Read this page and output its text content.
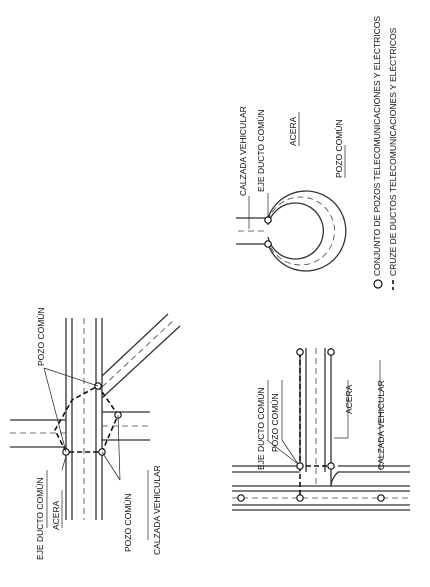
CALZADA VEHICULAR EJE DUCTO COMÚN	ACERA	POZO COMÚN	CONJUNTO DE POZOS TELECOMUNICACIONES Y ELÉCTRICOS CRUZE DE DUCTOS TELECOMUNICACIONES Y ELÉCTRICOS
EJE DUCTO COMÚN ACERA
POZO COMÚN
POZO COMÚN CALZADA VEHICULAR
EJE DUCTO COMÚN POZO COMÚN	ACERA	CALZADA VEHICULAR
